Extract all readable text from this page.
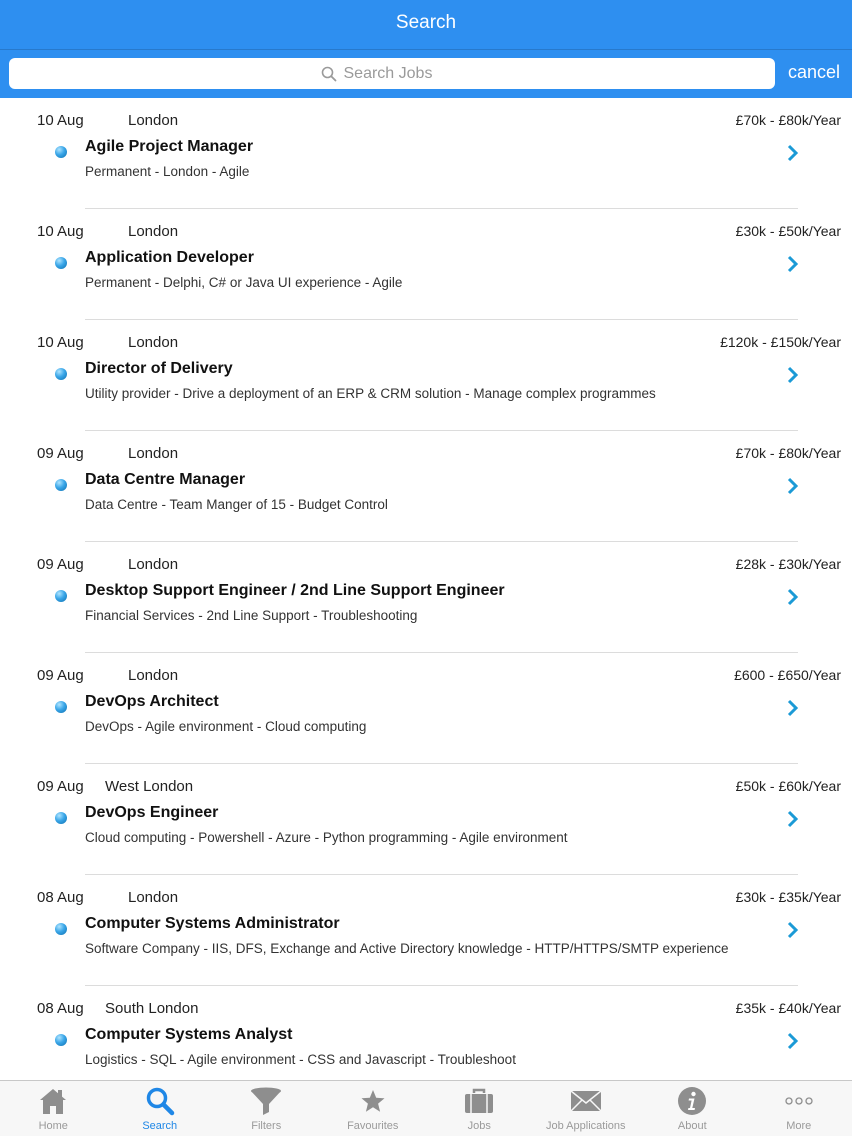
Search
Search Jobs
cancel
10 Aug	London	£70k - £80k/Year
Agile Project Manager
Permanent - London - Agile
10 Aug	London	£30k - £50k/Year
Application Developer
Permanent - Delphi, C# or Java UI experience - Agile
10 Aug	London	£120k - £150k/Year
Director of Delivery
Utility provider - Drive a deployment of an ERP & CRM solution - Manage complex programmes
09 Aug	London	£70k - £80k/Year
Data Centre Manager
Data Centre - Team Manger of 15 - Budget Control
09 Aug	London	£28k - £30k/Year
Desktop Support Engineer / 2nd Line Support Engineer
Financial Services - 2nd Line Support - Troubleshooting
09 Aug	London	£600 - £650/Year
DevOps Architect
DevOps - Agile environment - Cloud computing
09 Aug West London	£50k - £60k/Year
DevOps Engineer
Cloud computing - Powershell - Azure - Python programming - Agile environment
08 Aug	London	£30k - £35k/Year
Computer Systems Administrator
Software Company - IIS, DFS, Exchange and Active Directory knowledge - HTTP/HTTPS/SMTP experience
08 Aug South London	£35k - £40k/Year
Computer Systems Analyst
Logistics - SQL - Agile environment - CSS and Javascript - Troubleshoot
Home	Search	Filters	Favourites	Jobs	Job Applications	About	More
